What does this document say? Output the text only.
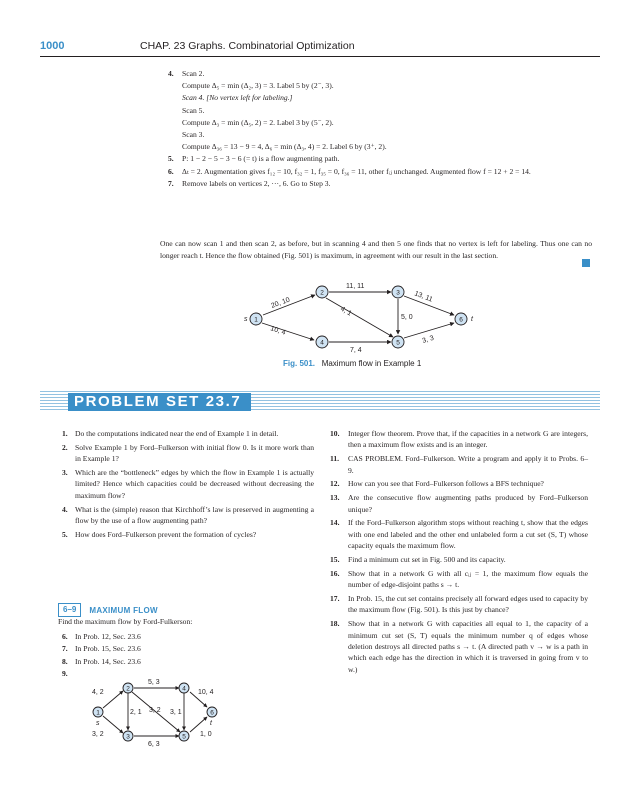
1000	CHAP. 23 Graphs. Combinatorial Optimization
4.	Scan 2.
Compute Δ₅ = min (Δ₂, 3) = 3. Label 5 by (2⁻, 3).
Scan 4. [No vertex left for labeling.]
Scan 5.
Compute Δ₃ = min (Δ₅, 2) = 2. Label 3 by (5⁻, 2).
Scan 3.
Compute Δ₃₆ = 13 − 9 = 4, Δ₆ = min (Δ₃, 4) = 2. Label 6 by (3⁺, 2).
5.	P: 1 − 2 − 5 − 3 − 6 (= t) is a flow augmenting path.
6.	Δₜ = 2. Augmentation gives f₁₂ = 10, f₃₂ = 1, f₃₅ = 0, f₃₆ = 11, other fᵢⱼ unchanged. Augmented flow f = 12 + 2 = 14.
7.	Remove labels on vertices 2, ···, 6. Go to Step 3.
One can now scan 1 and then scan 2, as before, but in scanning 4 and then 5 one finds that no vertex is left for labeling. Thus one can no longer reach t. Hence the flow obtained (Fig. 501) is maximum, in agreement with our result in the last section.
2	3
1	6
4	5
s	t
20, 10
11, 11
13, 11
4, 1	5, 0
10, 4
7, 4
3, 3
Fig. 501. Maximum flow in Example 1
PROBLEM SET 23.7
1. Do the computations indicated near the end of Example 1 in detail.
2. Solve Example 1 by Ford–Fulkerson with initial flow 0. Is it more work than in Example 1?
3. Which are the “bottleneck” edges by which the flow in Example 1 is actually limited? Hence which capacities could be decreased without decreasing the maximum flow?
4. What is the (simple) reason that Kirchhoff’s law is preserved in augmenting a flow by the use of a flow augmenting path?
5. How does Ford–Fulkerson prevent the formation of cycles?
6–9	MAXIMUM FLOW
Find the maximum flow by Ford-Fulkerson:
6. In Prob. 12, Sec. 23.6
7. In Prob. 15, Sec. 23.6
8. In Prob. 14, Sec. 23.6
9.
2	4
1	6
3	5
s	t
4, 2
5, 3
10, 4
3, 2
6, 3
1, 0
2, 1 3, 2 3, 1
10.	Integer flow theorem. Prove that, if the capacities in a network G are integers, then a maximum flow exists and is an integer.
11.	CAS PROBLEM. Ford–Fulkerson. Write a program and apply it to Probs. 6–9.
12.	How can you see that Ford–Fulkerson follows a BFS technique?
13.	Are the consecutive flow augmenting paths produced by Ford–Fulkerson unique?
14.	If the Ford–Fulkerson algorithm stops without reaching t, show that the edges with one end labeled and the other end unlabeled form a cut set (S, T) whose capacity equals the maximum flow.
15.	Find a minimum cut set in Fig. 500 and its capacity.
16.	Show that in a network G with all cᵢⱼ = 1, the maximum flow equals the number of edge-disjoint paths s → t.
17.	In Prob. 15, the cut set contains precisely all forward edges used to capacity by the maximum flow (Fig. 501). Is this just by chance?
18.	Show that in a network G with capacities all equal to 1, the capacity of a minimum cut set (S, T) equals the minimum number q of edges whose deletion destroys all directed paths s → t. (A directed path v → w is a path in which each edge has the direction in which it is traversed in going from v to w.)
